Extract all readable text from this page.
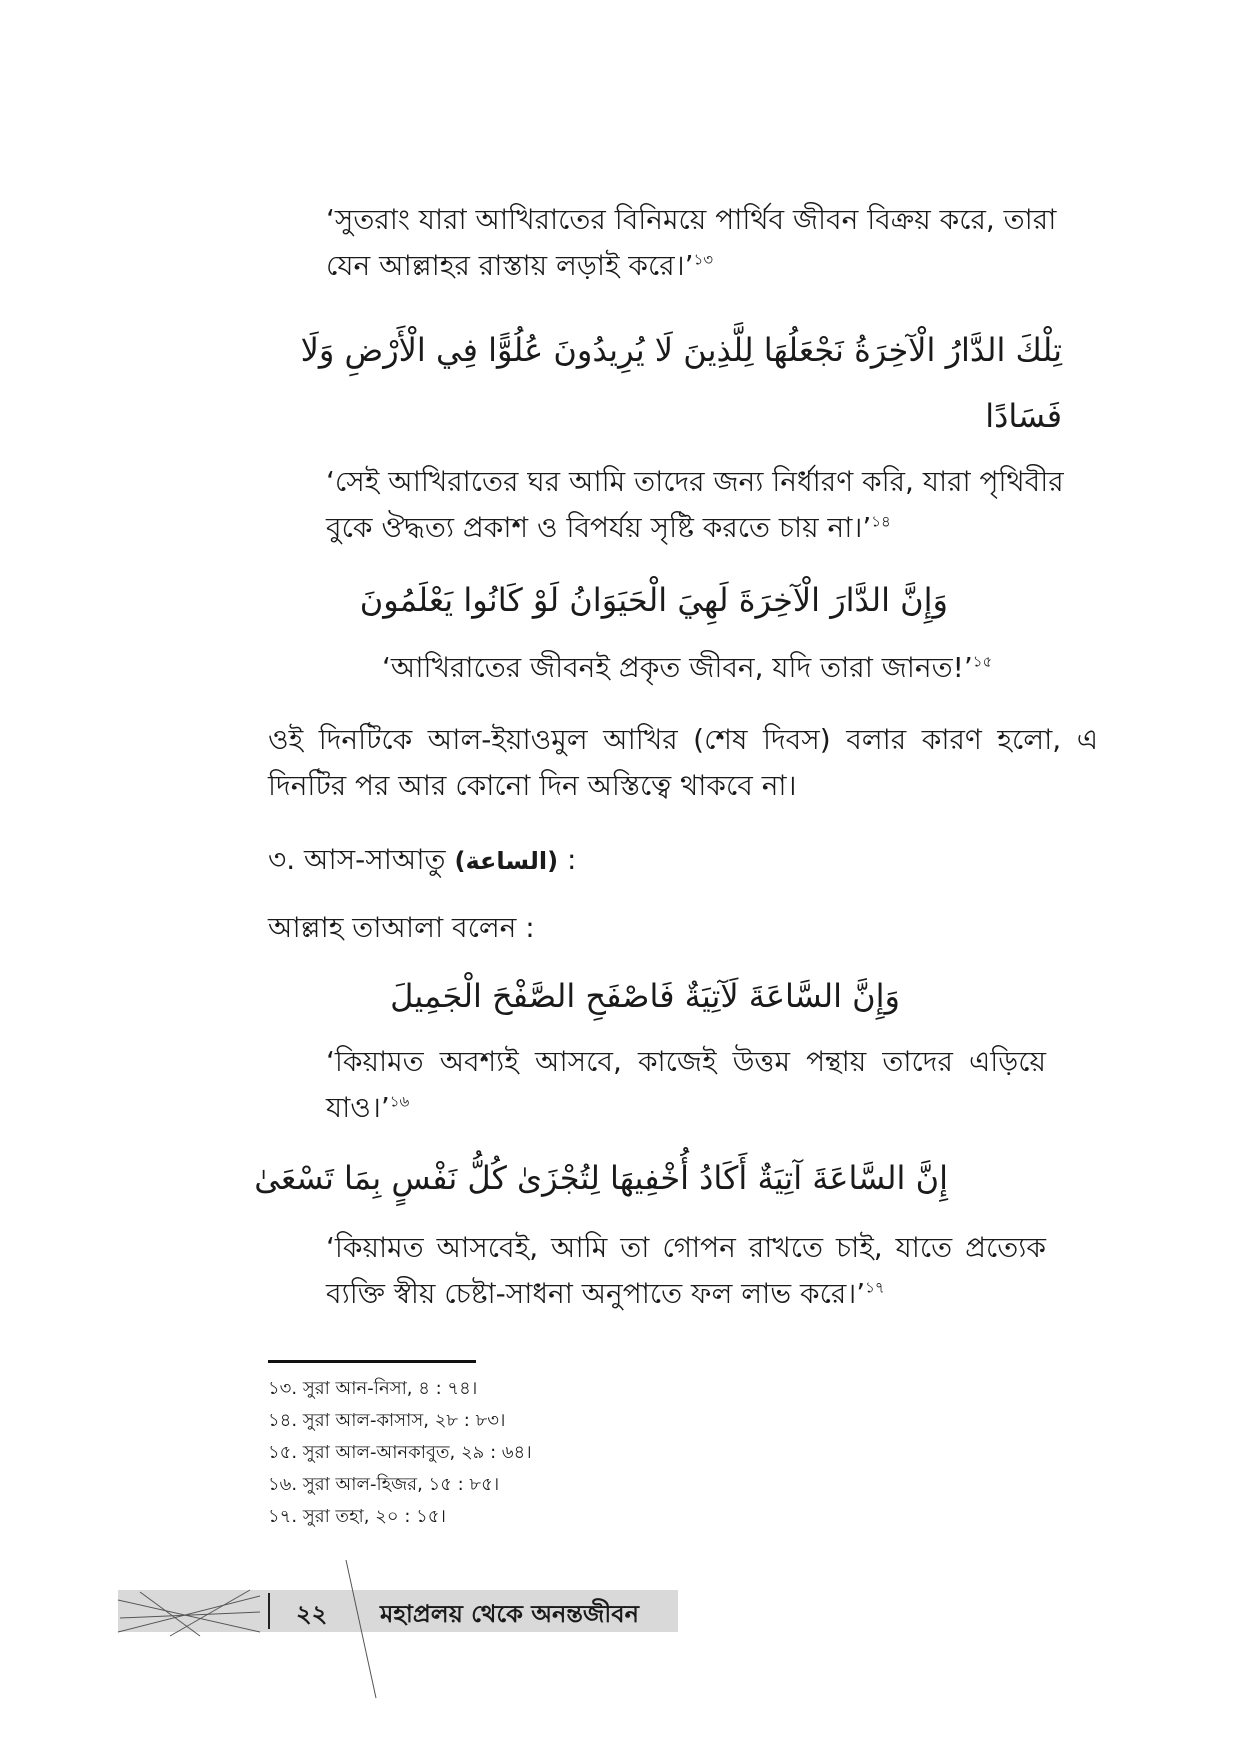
‘সুতরাং যারা আখিরাতের বিনিময়ে পার্থিব জীবন বিক্রয় করে, তারা

যেন আল্লাহর রাস্তায় লড়াই করে।’$^{১৩}$

تِلْكَ الدَّارُ الْآخِرَةُ نَجْعَلُهَا لِلَّذِينَ لَا يُرِيدُونَ عُلُوًّا فِي الْأَرْضِ وَلَا

فَسَادًا

‘সেই আখিরাতের ঘর আমি তাদের জন্য নির্ধারণ করি, যারা পৃথিবীর

বুকে ঔদ্ধত্য প্রকাশ ও বিপর্যয় সৃষ্টি করতে চায় না।’$^{১৪}$

وَإِنَّ الدَّارَ الْآخِرَةَ لَهِيَ الْحَيَوَانُ لَوْ كَانُوا يَعْلَمُونَ

‘আখিরাতের জীবনই প্রকৃত জীবন, যদি তারা জানত!’$^{১৫}$

ওই দিনটিকে আল-ইয়াওমুল আখির (শেষ দিবস) বলার কারণ হলো, এ

দিনটির পর আর কোনো দিন অস্তিত্বে থাকবে না।

৩. আস-সাআতু (الساعة) :

আল্লাহ তাআলা বলেন :

وَإِنَّ السَّاعَةَ لَآتِيَةٌ فَاصْفَحِ الصَّفْحَ الْجَمِيلَ

‘কিয়ামত অবশ্যই আসবে, কাজেই উত্তম পন্থায় তাদের এড়িয়ে

যাও।’$^{১৬}$

إِنَّ السَّاعَةَ آتِيَةٌ أَكَادُ أُخْفِيهَا لِتُجْزَىٰ كُلُّ نَفْسٍ بِمَا تَسْعَىٰ

‘কিয়ামত আসবেই, আমি তা গোপন রাখতে চাই, যাতে প্রত্যেক

ব্যক্তি স্বীয় চেষ্টা-সাধনা অনুপাতে ফল লাভ করে।’$^{১৭}$

১৩. সুরা আন-নিসা, ৪ : ৭৪।

১৪. সুরা আল-কাসাস, ২৮ : ৮৩।

১৫. সুরা আল-আনকাবুত, ২৯ : ৬৪।

১৬. সুরা আল-হিজর, ১৫ : ৮৫।

১৭. সুরা তহা, ২০ : ১৫।

২২ মহাপ্রলয় থেকে অনন্তজীবন
